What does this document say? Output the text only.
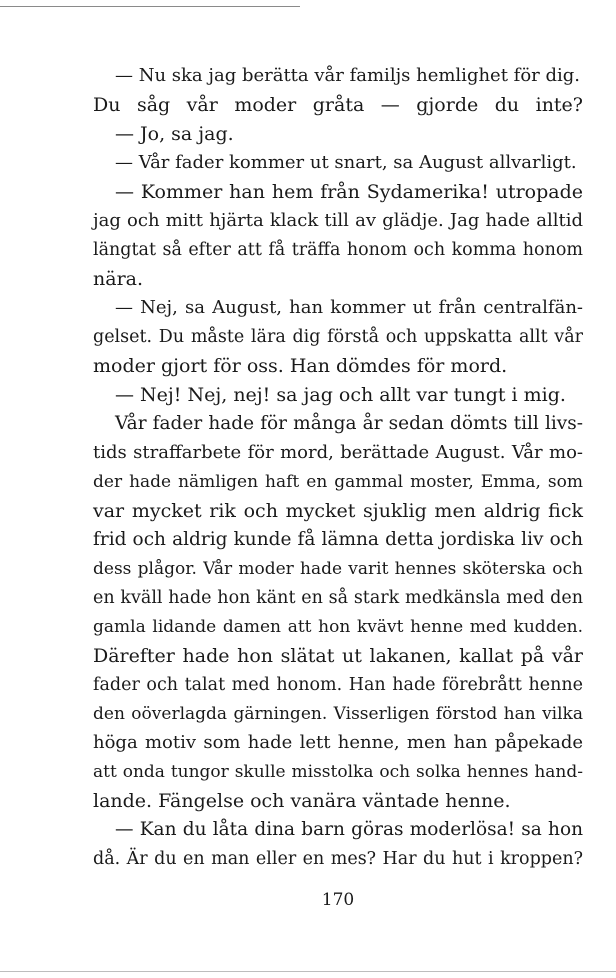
— Nu ska jag berätta vår familjs hemlighet för dig.
Du såg vår moder gråta — gjorde du inte?
— Jo, sa jag.
— Vår fader kommer ut snart, sa August allvarligt.
— Kommer han hem från Sydamerika! utropade
jag och mitt hjärta klack till av glädje. Jag hade alltid
längtat så efter att få träffa honom och komma honom
nära.
— Nej, sa August, han kommer ut från centralfän-
gelset. Du måste lära dig förstå och uppskatta allt vår
moder gjort för oss. Han dömdes för mord.
— Nej! Nej, nej! sa jag och allt var tungt i mig.
Vår fader hade för många år sedan dömts till livs-
tids straffarbete för mord, berättade August. Vår mo-
der hade nämligen haft en gammal moster, Emma, som
var mycket rik och mycket sjuklig men aldrig fick
frid och aldrig kunde få lämna detta jordiska liv och
dess plågor. Vår moder hade varit hennes sköterska och
en kväll hade hon känt en så stark medkänsla med den
gamla lidande damen att hon kvävt henne med kudden.
Därefter hade hon slätat ut lakanen, kallat på vår
fader och talat med honom. Han hade förebrått henne
den oöverlagda gärningen. Visserligen förstod han vilka
höga motiv som hade lett henne, men han påpekade
att onda tungor skulle misstolka och solka hennes hand-
lande. Fängelse och vanära väntade henne.
— Kan du låta dina barn göras moderlösa! sa hon
då. Är du en man eller en mes? Har du hut i kroppen?
170
